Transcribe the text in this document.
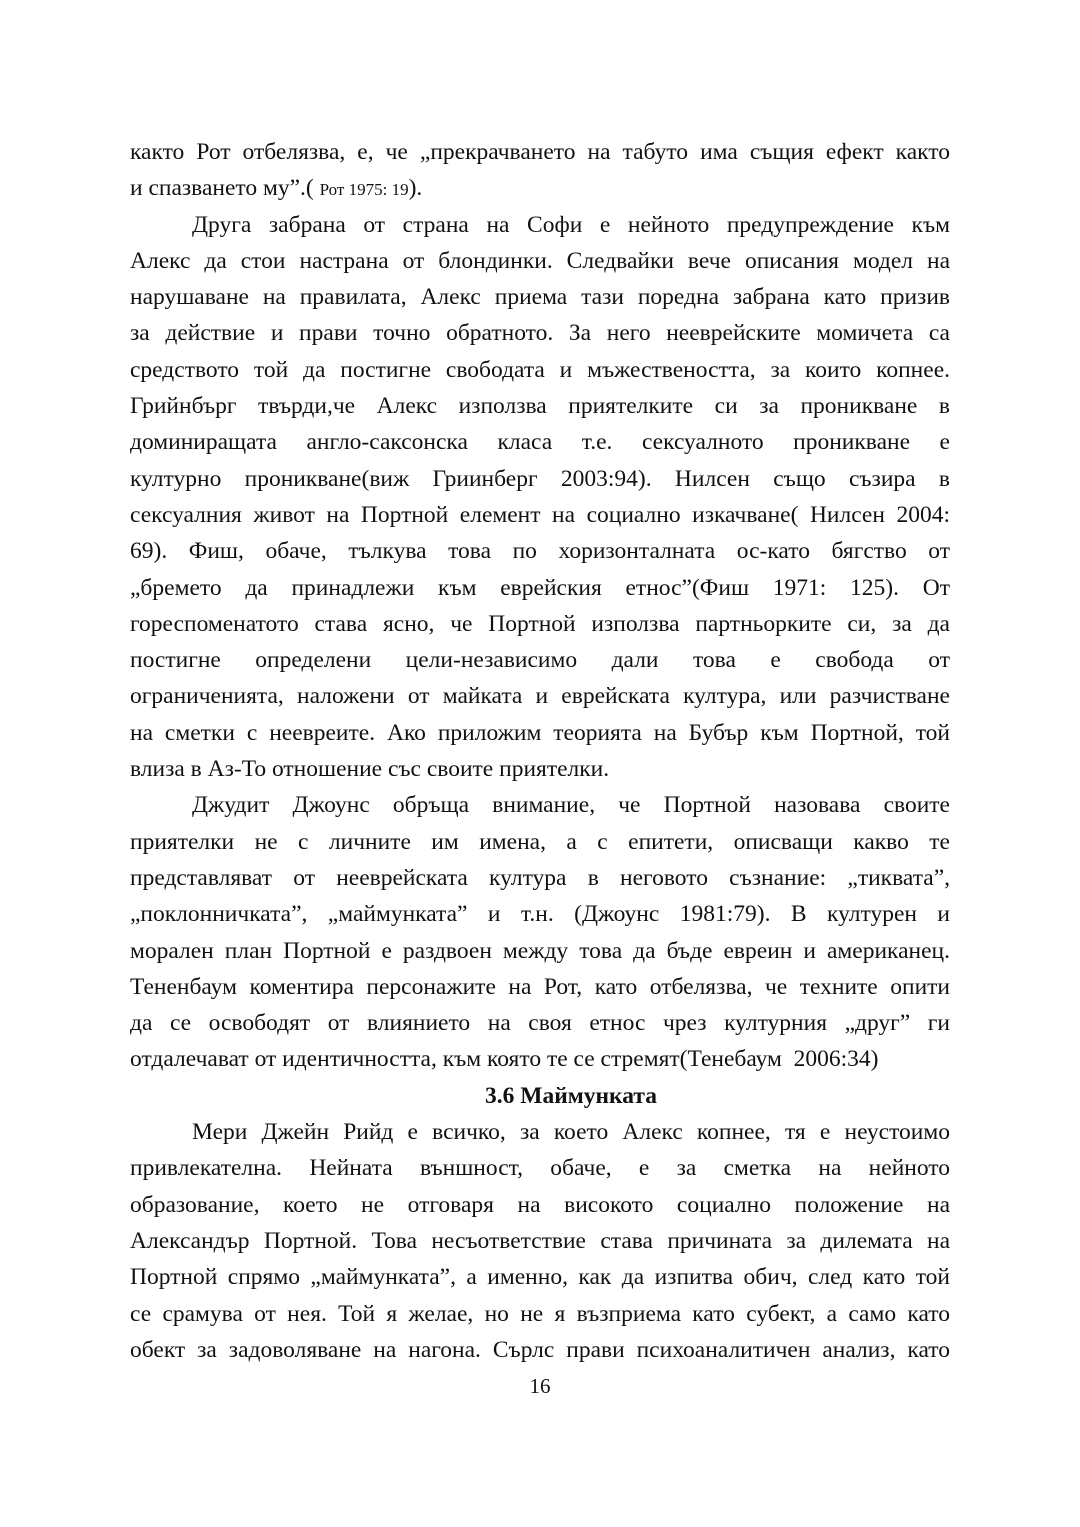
както Рот отбелязва, е, че „прекрачването на табуто има същия ефект както
и спазването му”.( Рот 1975: 19).
Друга забрана от страна на Софи е нейното предупреждение към
Алекс да стои настрана от блондинки. Следвайки вече описания модел на
нарушаване на правилата, Алекс приема тази поредна забрана като призив
за действие и прави точно обратното. За него нееврейските момичета са
средството той да постигне свободата и мъжествеността, за които копнее.
Грийнбърг твърди,че Алекс използва приятелките си за проникване в
доминиращата англо-саксонска класа т.е. сексуалното проникване е
културно проникване(виж Гриинберг 2003:94). Нилсен също съзира в
сексуалния живот на Портной елемент на социално изкачване( Нилсен 2004:
69). Фиш, обаче, тълкува това по хоризонталната ос-като бягство от
„бремето да принадлежи към еврейския етнос”(Фиш 1971: 125). От
гореспоменатото става ясно, че Портной използва партньорките си, за да
постигне определени цели-независимо дали това е свобода от
ограниченията, наложени от майката и еврейската култура, или разчистване
на сметки с неевреите. Ако приложим теорията на Бубър към Портной, той
влиза в Аз-То отношение със своите приятелки.
Джудит Джоунс обръща внимание, че Портной назовава своите
приятелки не с личните им имена, а с епитети, описващи какво те
представляват от нееврейската култура в неговото съзнание: „тиквата”,
„поклонничката”, „маймунката” и т.н. (Джоунс 1981:79). В културен и
морален план Портной е раздвоен между това да бъде евреин и американец.
Тененбаум коментира персонажите на Рот, като отбелязва, че техните опити
да се освободят от влиянието на своя етнос чрез културния „друг” ги
отдалечават от идентичността, към която те се стремят(Тенебаум  2006:34)
3.6 Маймунката
Мери Джейн Рийд е всичко, за което Алекс копнее, тя е неустоимо
привлекателна. Нейната външност, обаче, е за сметка на нейното
образование, което не отговаря на високото социално положение на
Александър Портной. Това несъответствие става причината за дилемата на
Портной спрямо „маймунката”, а именно, как да изпитва обич, след като той
се срамува от нея. Той я желае, но не я възприема като субект, а само като
обект за задоволяване на нагона. Сърлс прави психоаналитичен анализ, като
16
